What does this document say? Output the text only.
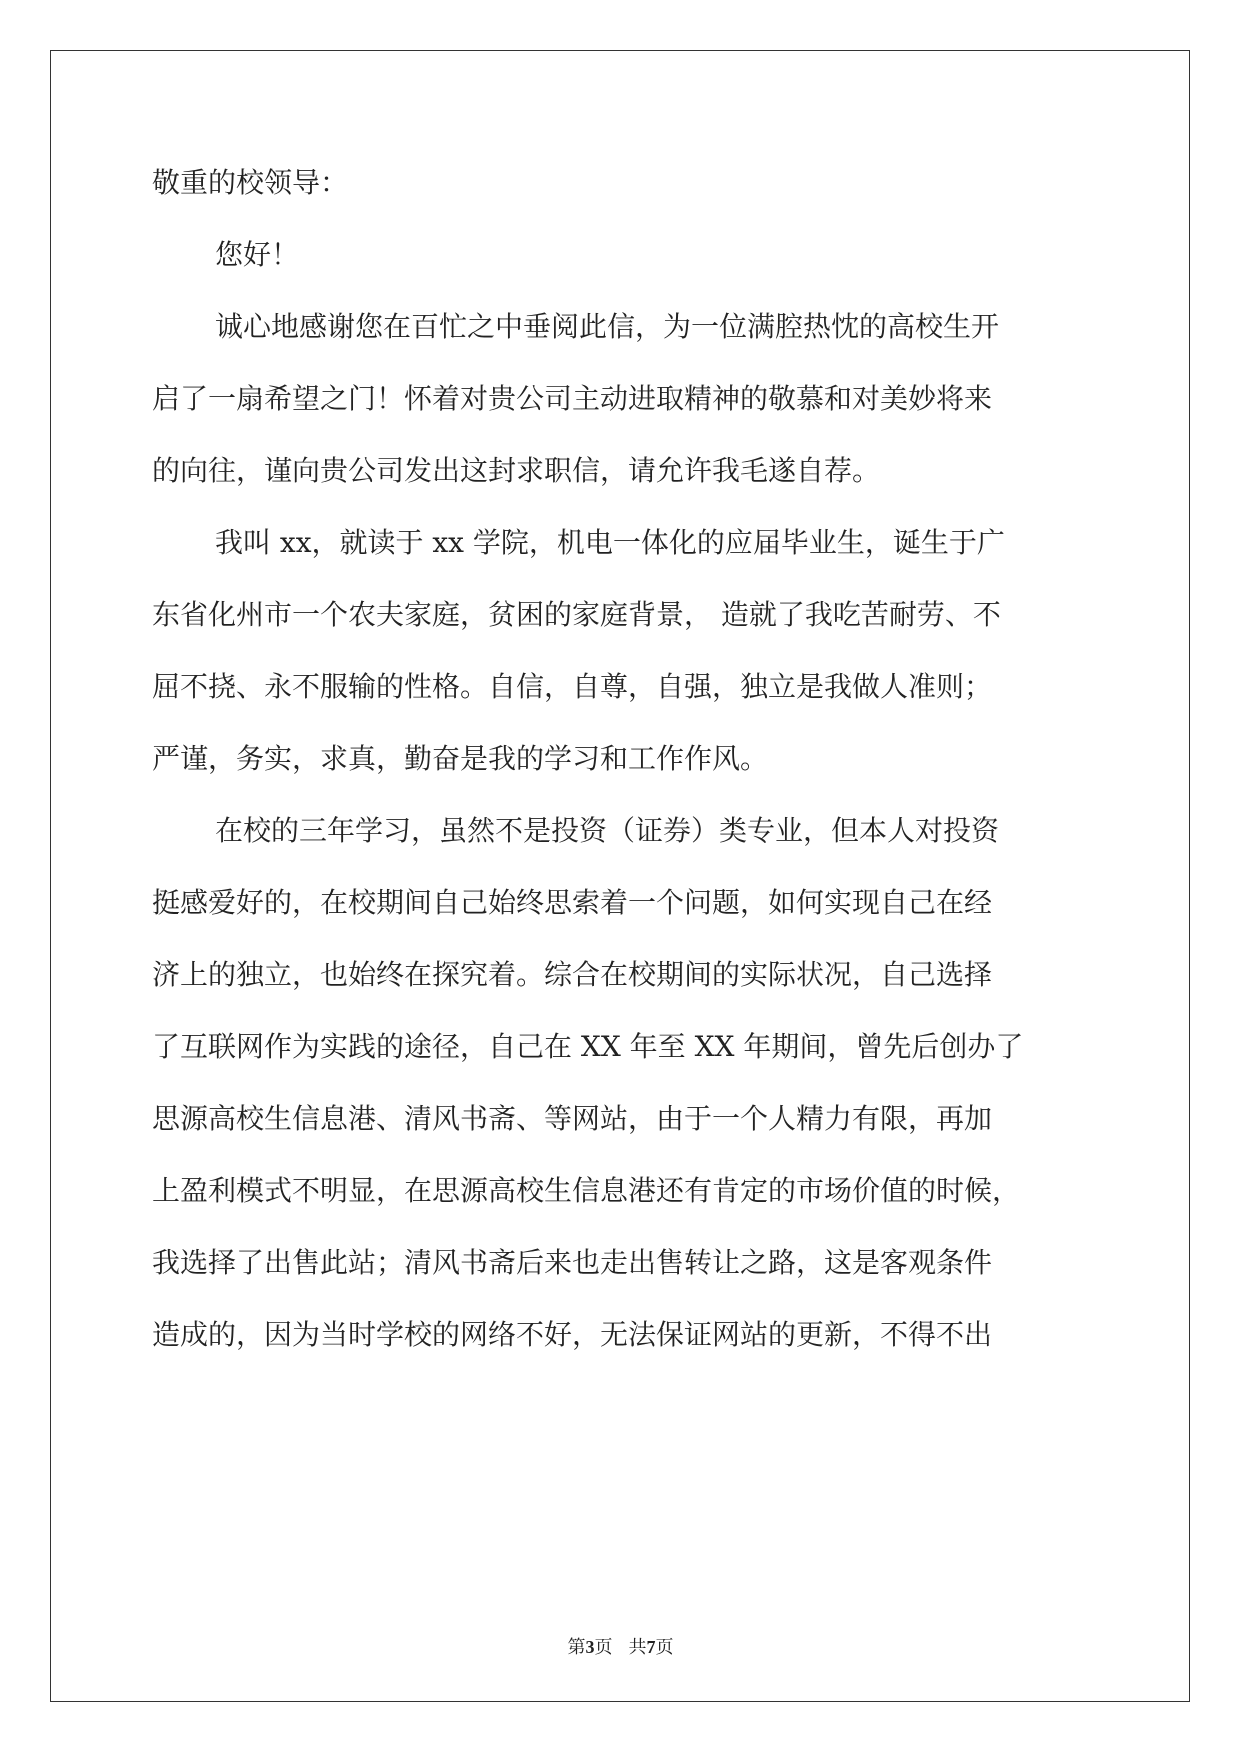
敬重的校领导：
您好！
诚心地感谢您在百忙之中垂阅此信，为一位满腔热忱的高校生开
启了一扇希望之门！怀着对贵公司主动进取精神的敬慕和对美妙将来
的向往，谨向贵公司发出这封求职信，请允许我毛遂自荐。
我叫 xx，就读于 xx 学院，机电一体化的应届毕业生，诞生于广
东省化州市一个农夫家庭，贫困的家庭背景， 造就了我吃苦耐劳、不
屈不挠、永不服输的性格。自信，自尊，自强，独立是我做人准则；
严谨，务实，求真，勤奋是我的学习和工作作风。
在校的三年学习，虽然不是投资（证券）类专业，但本人对投资
挺感爱好的，在校期间自己始终思索着一个问题，如何实现自己在经
济上的独立，也始终在探究着。综合在校期间的实际状况，自己选择
了互联网作为实践的途径，自己在 XX 年至 XX 年期间，曾先后创办了
思源高校生信息港、清风书斋、等网站，由于一个人精力有限，再加
上盈利模式不明显，在思源高校生信息港还有肯定的市场价值的时候，
我选择了出售此站；清风书斋后来也走出售转让之路，这是客观条件
造成的，因为当时学校的网络不好，无法保证网站的更新，不得不出
第3页 共7页
